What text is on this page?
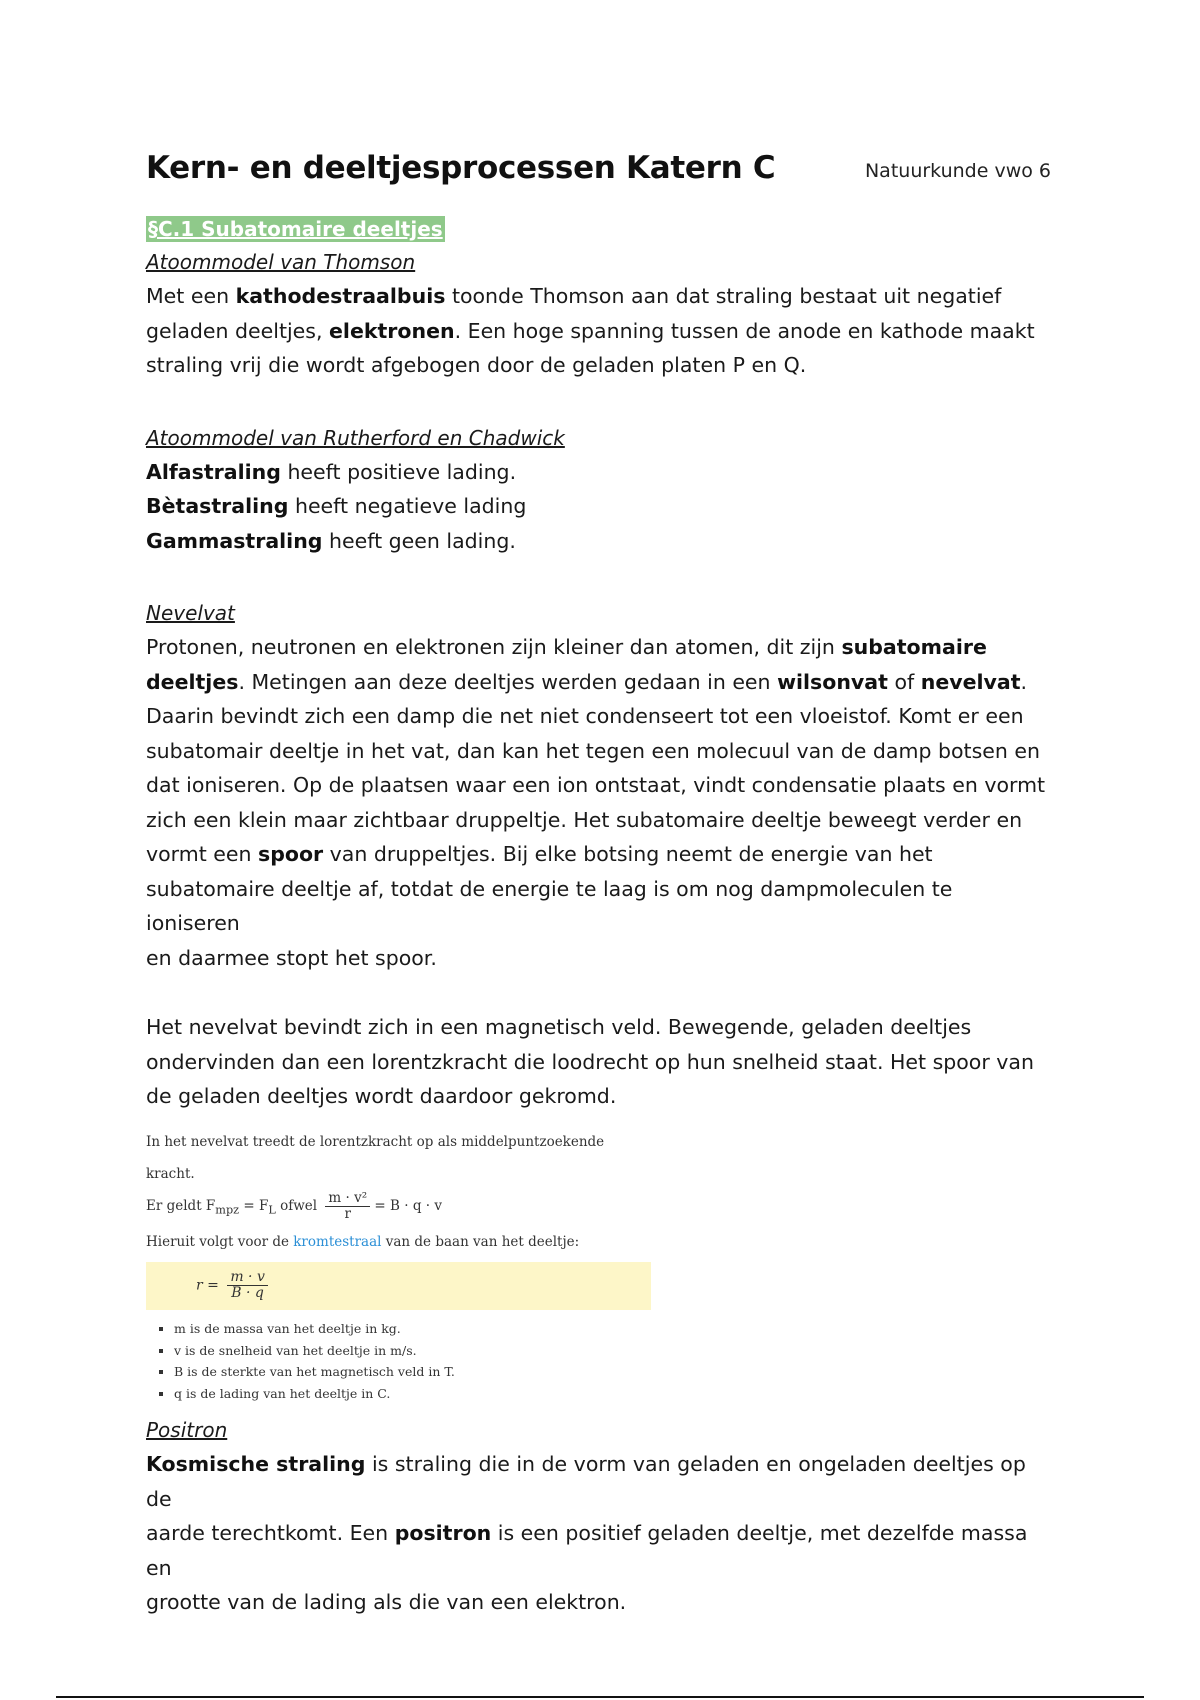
Kern- en deeltjesprocessen Katern C	Natuurkunde vwo 6
§C.1 Subatomaire deeltjes
Atoommodel van Thomson
Met een kathodestraalbuis toonde Thomson aan dat straling bestaat uit negatief
geladen deeltjes, elektronen. Een hoge spanning tussen de anode en kathode maakt
straling vrij die wordt afgebogen door de geladen platen P en Q.
Atoommodel van Rutherford en Chadwick
Alfastraling heeft positieve lading.
Bètastraling heeft negatieve lading
Gammastraling heeft geen lading.
Nevelvat
Protonen, neutronen en elektronen zijn kleiner dan atomen, dit zijn subatomaire
deeltjes. Metingen aan deze deeltjes werden gedaan in een wilsonvat of nevelvat.
Daarin bevindt zich een damp die net niet condenseert tot een vloeistof. Komt er een
subatomair deeltje in het vat, dan kan het tegen een molecuul van de damp botsen en
dat ioniseren. Op de plaatsen waar een ion ontstaat, vindt condensatie plaats en vormt
zich een klein maar zichtbaar druppeltje. Het subatomaire deeltje beweegt verder en
vormt een spoor van druppeltjes. Bij elke botsing neemt de energie van het
subatomaire deeltje af, totdat de energie te laag is om nog dampmoleculen te ioniseren
en daarmee stopt het spoor.
Het nevelvat bevindt zich in een magnetisch veld. Bewegende, geladen deeltjes
ondervinden dan een lorentzkracht die loodrecht op hun snelheid staat. Het spoor van
de geladen deeltjes wordt daardoor gekromd.
In het nevelvat treedt de lorentzkracht op als middelpuntzoekende kracht.
Er geldt $F_{mpz} = F_L$ ofwel $\frac{\text{m · v²}}{r} = B \cdot q \cdot v$
Hieruit volgt voor de kromtestraal van de baan van het deeltje:
$r = \frac{m \cdot v}{B \cdot q}$
▪ m is de massa van het deeltje in kg.
▪ v is de snelheid van het deeltje in m/s.
▪ B is de sterkte van het magnetisch veld in T.
▪ q is de lading van het deeltje in C.
Positron
Kosmische straling is straling die in de vorm van geladen en ongeladen deeltjes op de
aarde terechtkomt. Een positron is een positief geladen deeltje, met dezelfde massa en
grootte van de lading als die van een elektron.
